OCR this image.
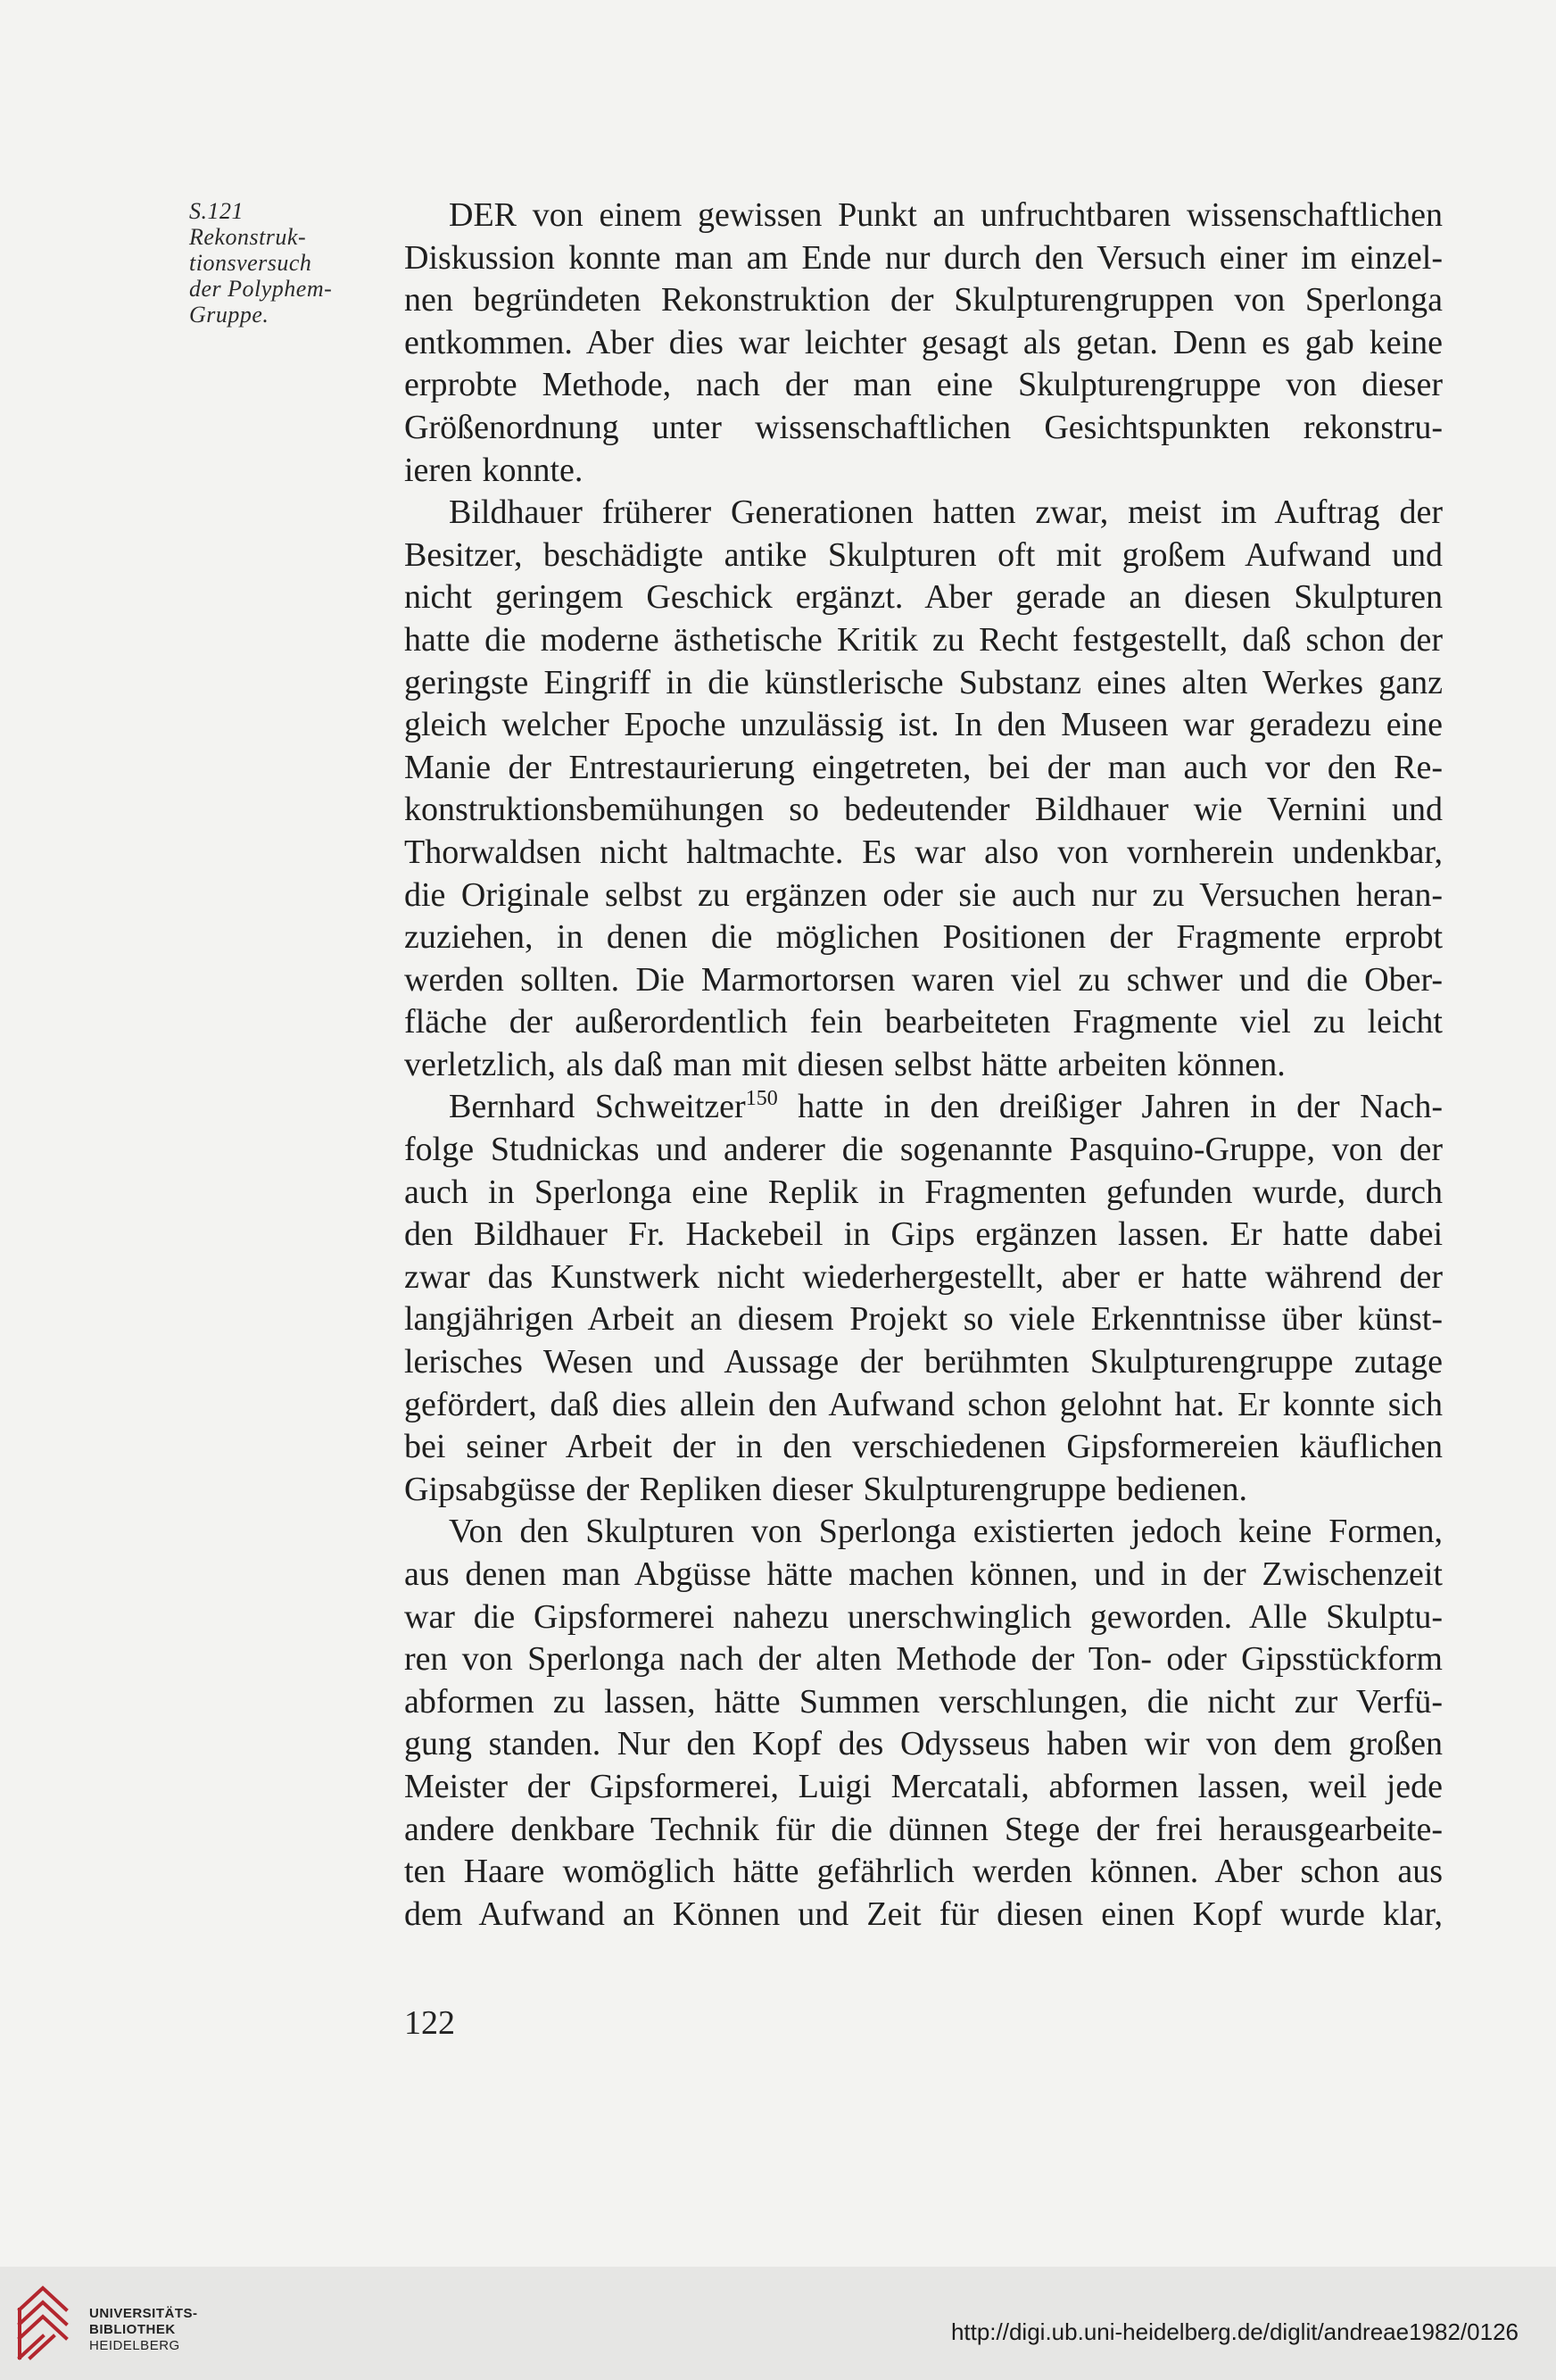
S.121
Rekonstruk-
tionsversuch
der Polyphem-
Gruppe.
DER von einem gewissen Punkt an unfruchtbaren wissenschaftlichen
Diskussion konnte man am Ende nur durch den Versuch einer im einzel-
nen begründeten Rekonstruktion der Skulpturengruppen von Sperlonga
entkommen. Aber dies war leichter gesagt als getan. Denn es gab keine
erprobte Methode, nach der man eine Skulpturengruppe von dieser
Größenordnung unter wissenschaftlichen Gesichtspunkten rekonstru-
ieren konnte.
Bildhauer früherer Generationen hatten zwar, meist im Auftrag der
Besitzer, beschädigte antike Skulpturen oft mit großem Aufwand und
nicht geringem Geschick ergänzt. Aber gerade an diesen Skulpturen
hatte die moderne ästhetische Kritik zu Recht festgestellt, daß schon der
geringste Eingriff in die künstlerische Substanz eines alten Werkes ganz
gleich welcher Epoche unzulässig ist. In den Museen war geradezu eine
Manie der Entrestaurierung eingetreten, bei der man auch vor den Re-
konstruktionsbemühungen so bedeutender Bildhauer wie Vernini und
Thorwaldsen nicht haltmachte. Es war also von vornherein undenkbar,
die Originale selbst zu ergänzen oder sie auch nur zu Versuchen heran-
zuziehen, in denen die möglichen Positionen der Fragmente erprobt
werden sollten. Die Marmortorsen waren viel zu schwer und die Ober-
fläche der außerordentlich fein bearbeiteten Fragmente viel zu leicht
verletzlich, als daß man mit diesen selbst hätte arbeiten können.
Bernhard Schweitzer$^{150}$ hatte in den dreißiger Jahren in der Nach-
folge Studnickas und anderer die sogenannte Pasquino-Gruppe, von der
auch in Sperlonga eine Replik in Fragmenten gefunden wurde, durch
den Bildhauer Fr. Hackebeil in Gips ergänzen lassen. Er hatte dabei
zwar das Kunstwerk nicht wiederhergestellt, aber er hatte während der
langjährigen Arbeit an diesem Projekt so viele Erkenntnisse über künst-
lerisches Wesen und Aussage der berühmten Skulpturengruppe zutage
gefördert, daß dies allein den Aufwand schon gelohnt hat. Er konnte sich
bei seiner Arbeit der in den verschiedenen Gipsformereien käuflichen
Gipsabgüsse der Repliken dieser Skulpturengruppe bedienen.
Von den Skulpturen von Sperlonga existierten jedoch keine Formen,
aus denen man Abgüsse hätte machen können, und in der Zwischenzeit
war die Gipsformerei nahezu unerschwinglich geworden. Alle Skulptu-
ren von Sperlonga nach der alten Methode der Ton- oder Gipsstückform
abformen zu lassen, hätte Summen verschlungen, die nicht zur Verfü-
gung standen. Nur den Kopf des Odysseus haben wir von dem großen
Meister der Gipsformerei, Luigi Mercatali, abformen lassen, weil jede
andere denkbare Technik für die dünnen Stege der frei herausgearbeite-
ten Haare womöglich hätte gefährlich werden können. Aber schon aus
dem Aufwand an Können und Zeit für diesen einen Kopf wurde klar,
122
UNIVERSITÄTS-
BIBLIOTHEK
HEIDELBERG
http://digi.ub.uni-heidelberg.de/diglit/andreae1982/0126
